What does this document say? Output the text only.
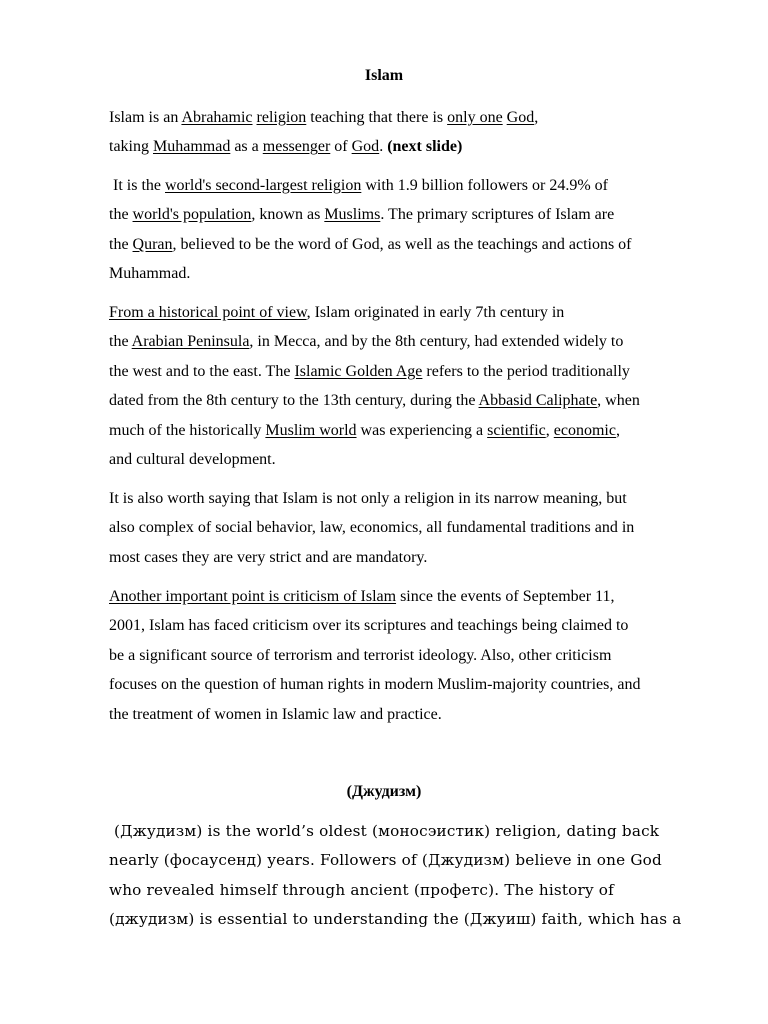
Islam
Islam is an Abrahamic religion teaching that there is only one God,
taking Muhammad as a messenger of God. (next slide)
It is the world's second-largest religion with 1.9 billion followers or 24.9% of
the world's population, known as Muslims. The primary scriptures of Islam are
the Quran, believed to be the word of God, as well as the teachings and actions of
Muhammad.
From a historical point of view, Islam originated in early 7th century in
the Arabian Peninsula, in Mecca, and by the 8th century, had extended widely to
the west and to the east. The Islamic Golden Age refers to the period traditionally
dated from the 8th century to the 13th century, during the Abbasid Caliphate, when
much of the historically Muslim world was experiencing a scientific, economic,
and cultural development.
It is also worth saying that Islam is not only a religion in its narrow meaning, but
also complex of social behavior, law, economics, all fundamental traditions and in
most cases they are very strict and are mandatory.
Another important point is criticism of Islam since the events of September 11,
2001, Islam has faced criticism over its scriptures and teachings being claimed to
be a significant source of terrorism and terrorist ideology. Also, other criticism
focuses on the question of human rights in modern Muslim-majority countries, and
the treatment of women in Islamic law and practice.
(Джудизм)
(Джудизм) is the world’s oldest (моносэистик) religion, dating back
nearly (фосаусенд) years. Followers of (Джудизм) believe in one God
who revealed himself through ancient (профетс). The history of
(джудизм) is essential to understanding the (Джуиш) faith, which has a
